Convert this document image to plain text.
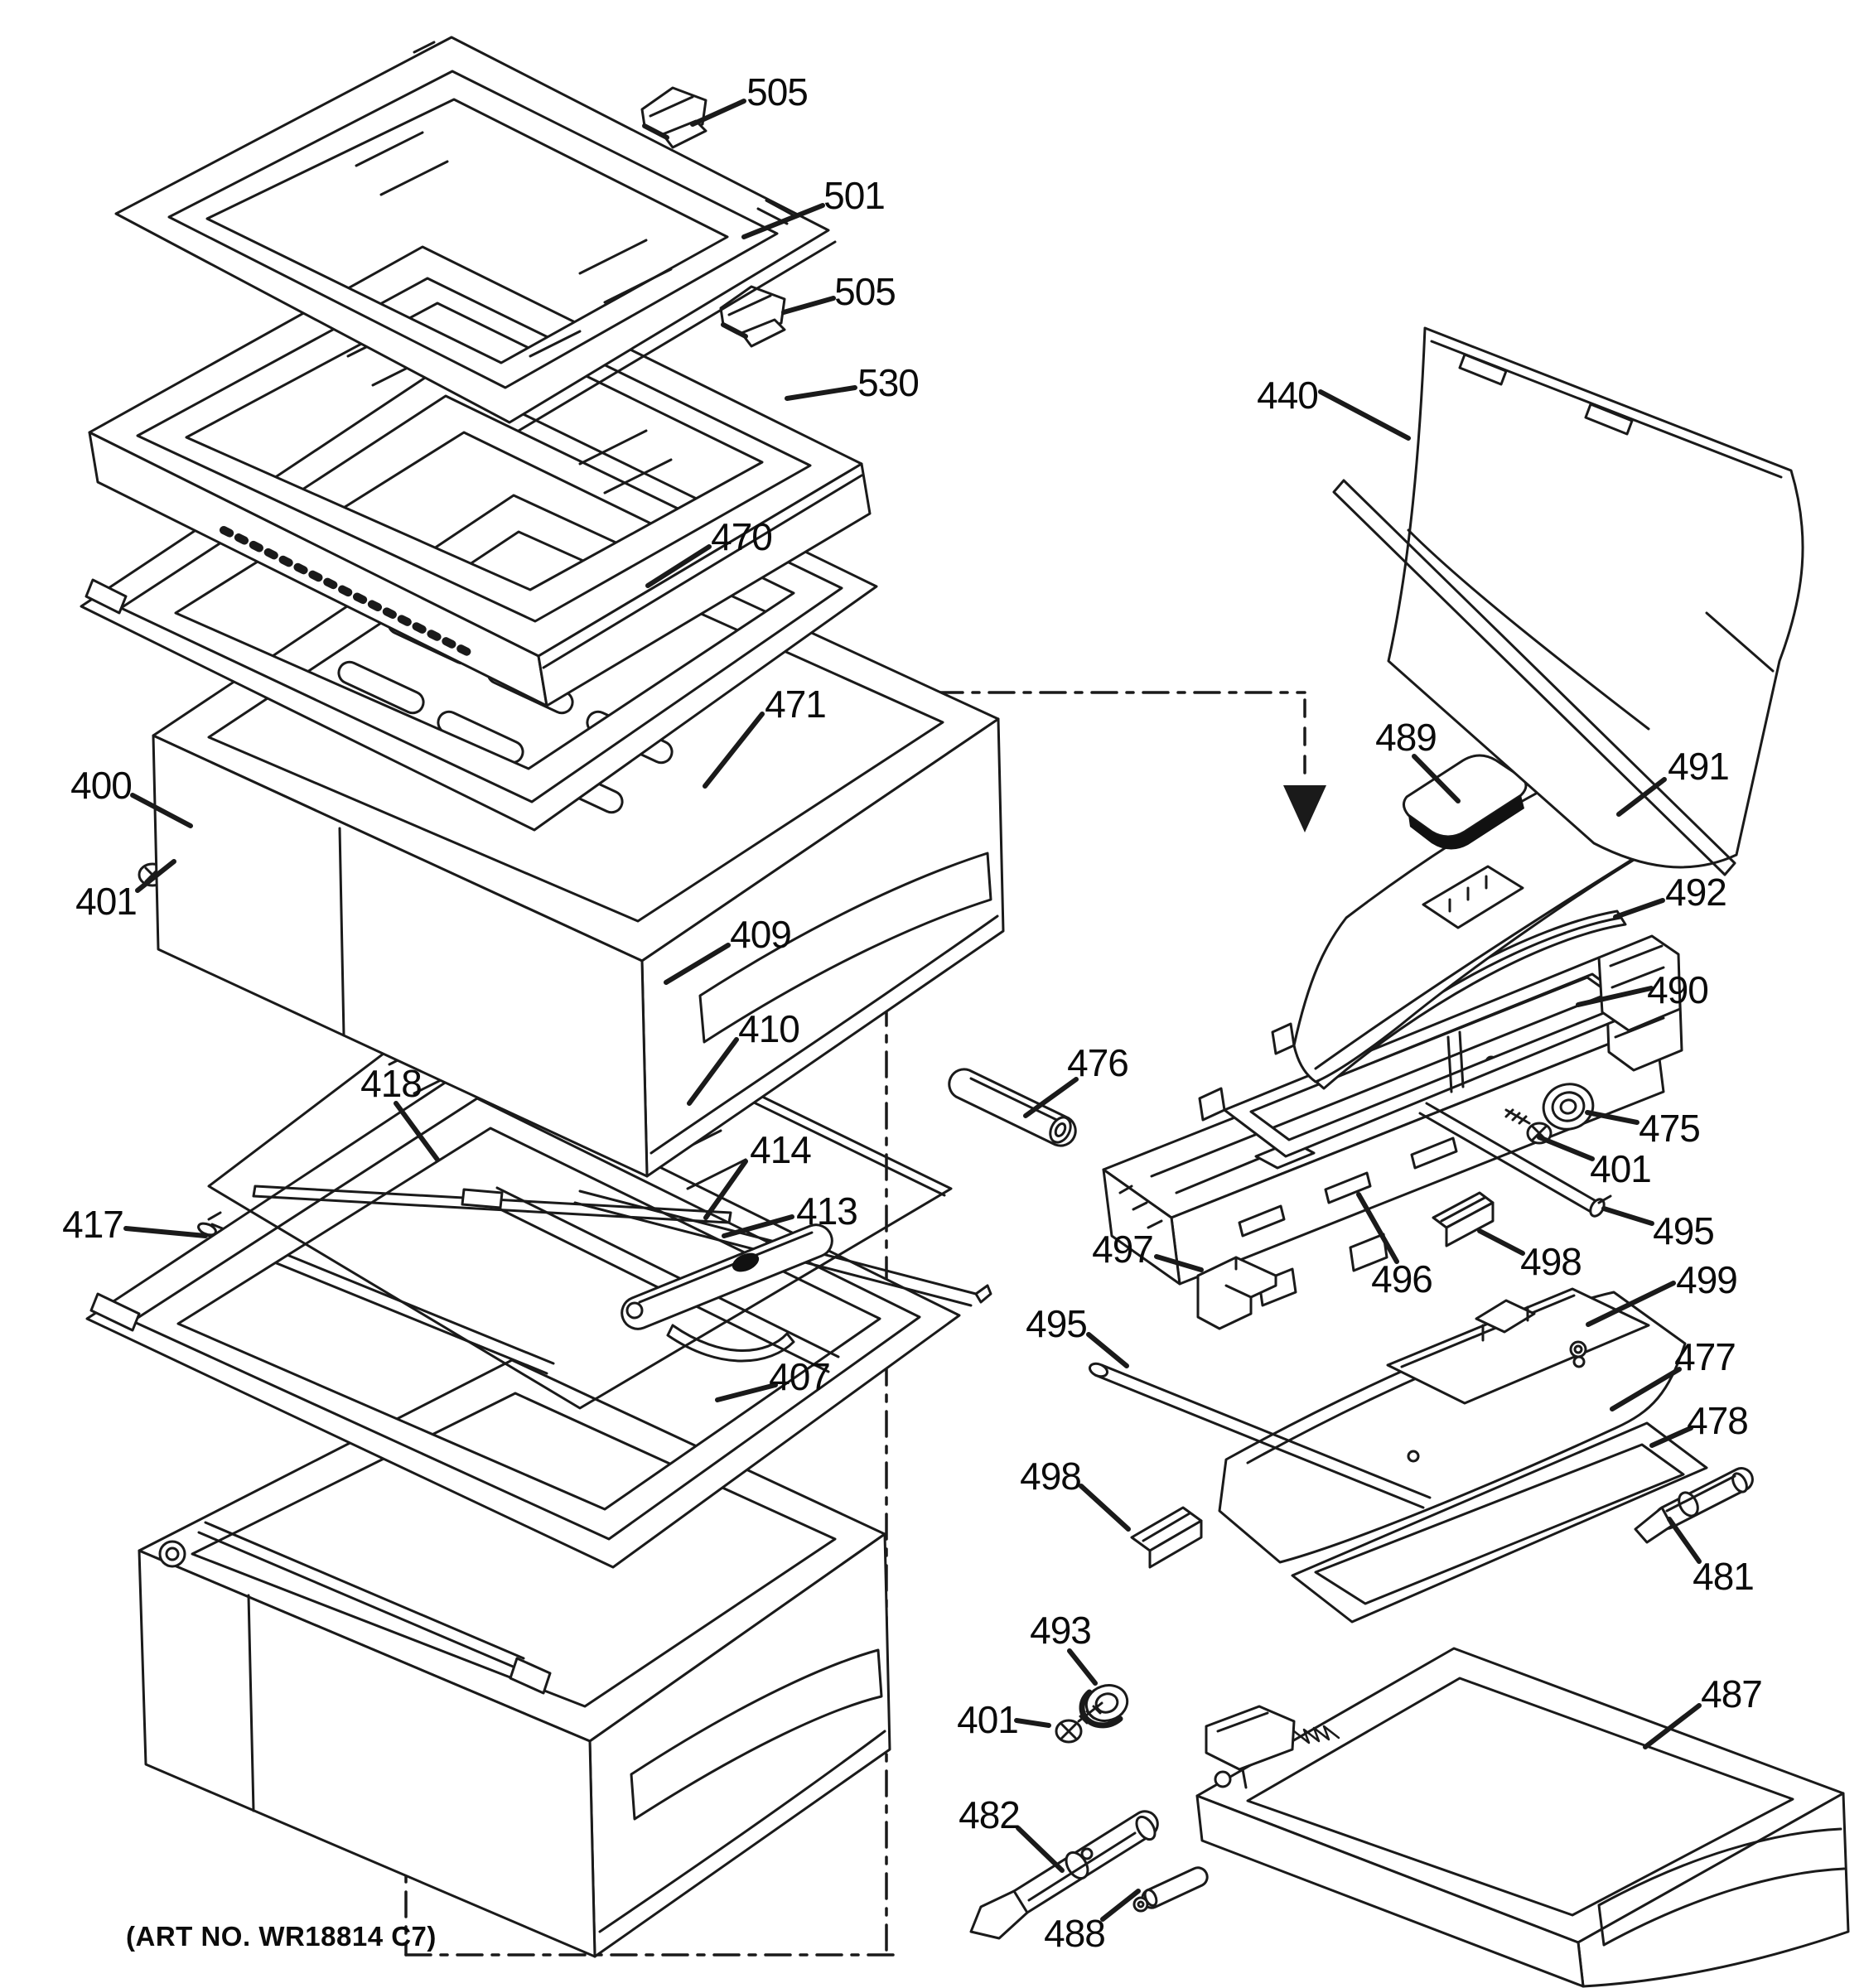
505
501
505
530
470
471
400
401
409
410
418
414
417	413
407
440
489
491
492
490
476
475
401
495
497
496 498 499
495
477
478
498
481
493
401
487
482
488
(ART NO. WR18814 C7)
